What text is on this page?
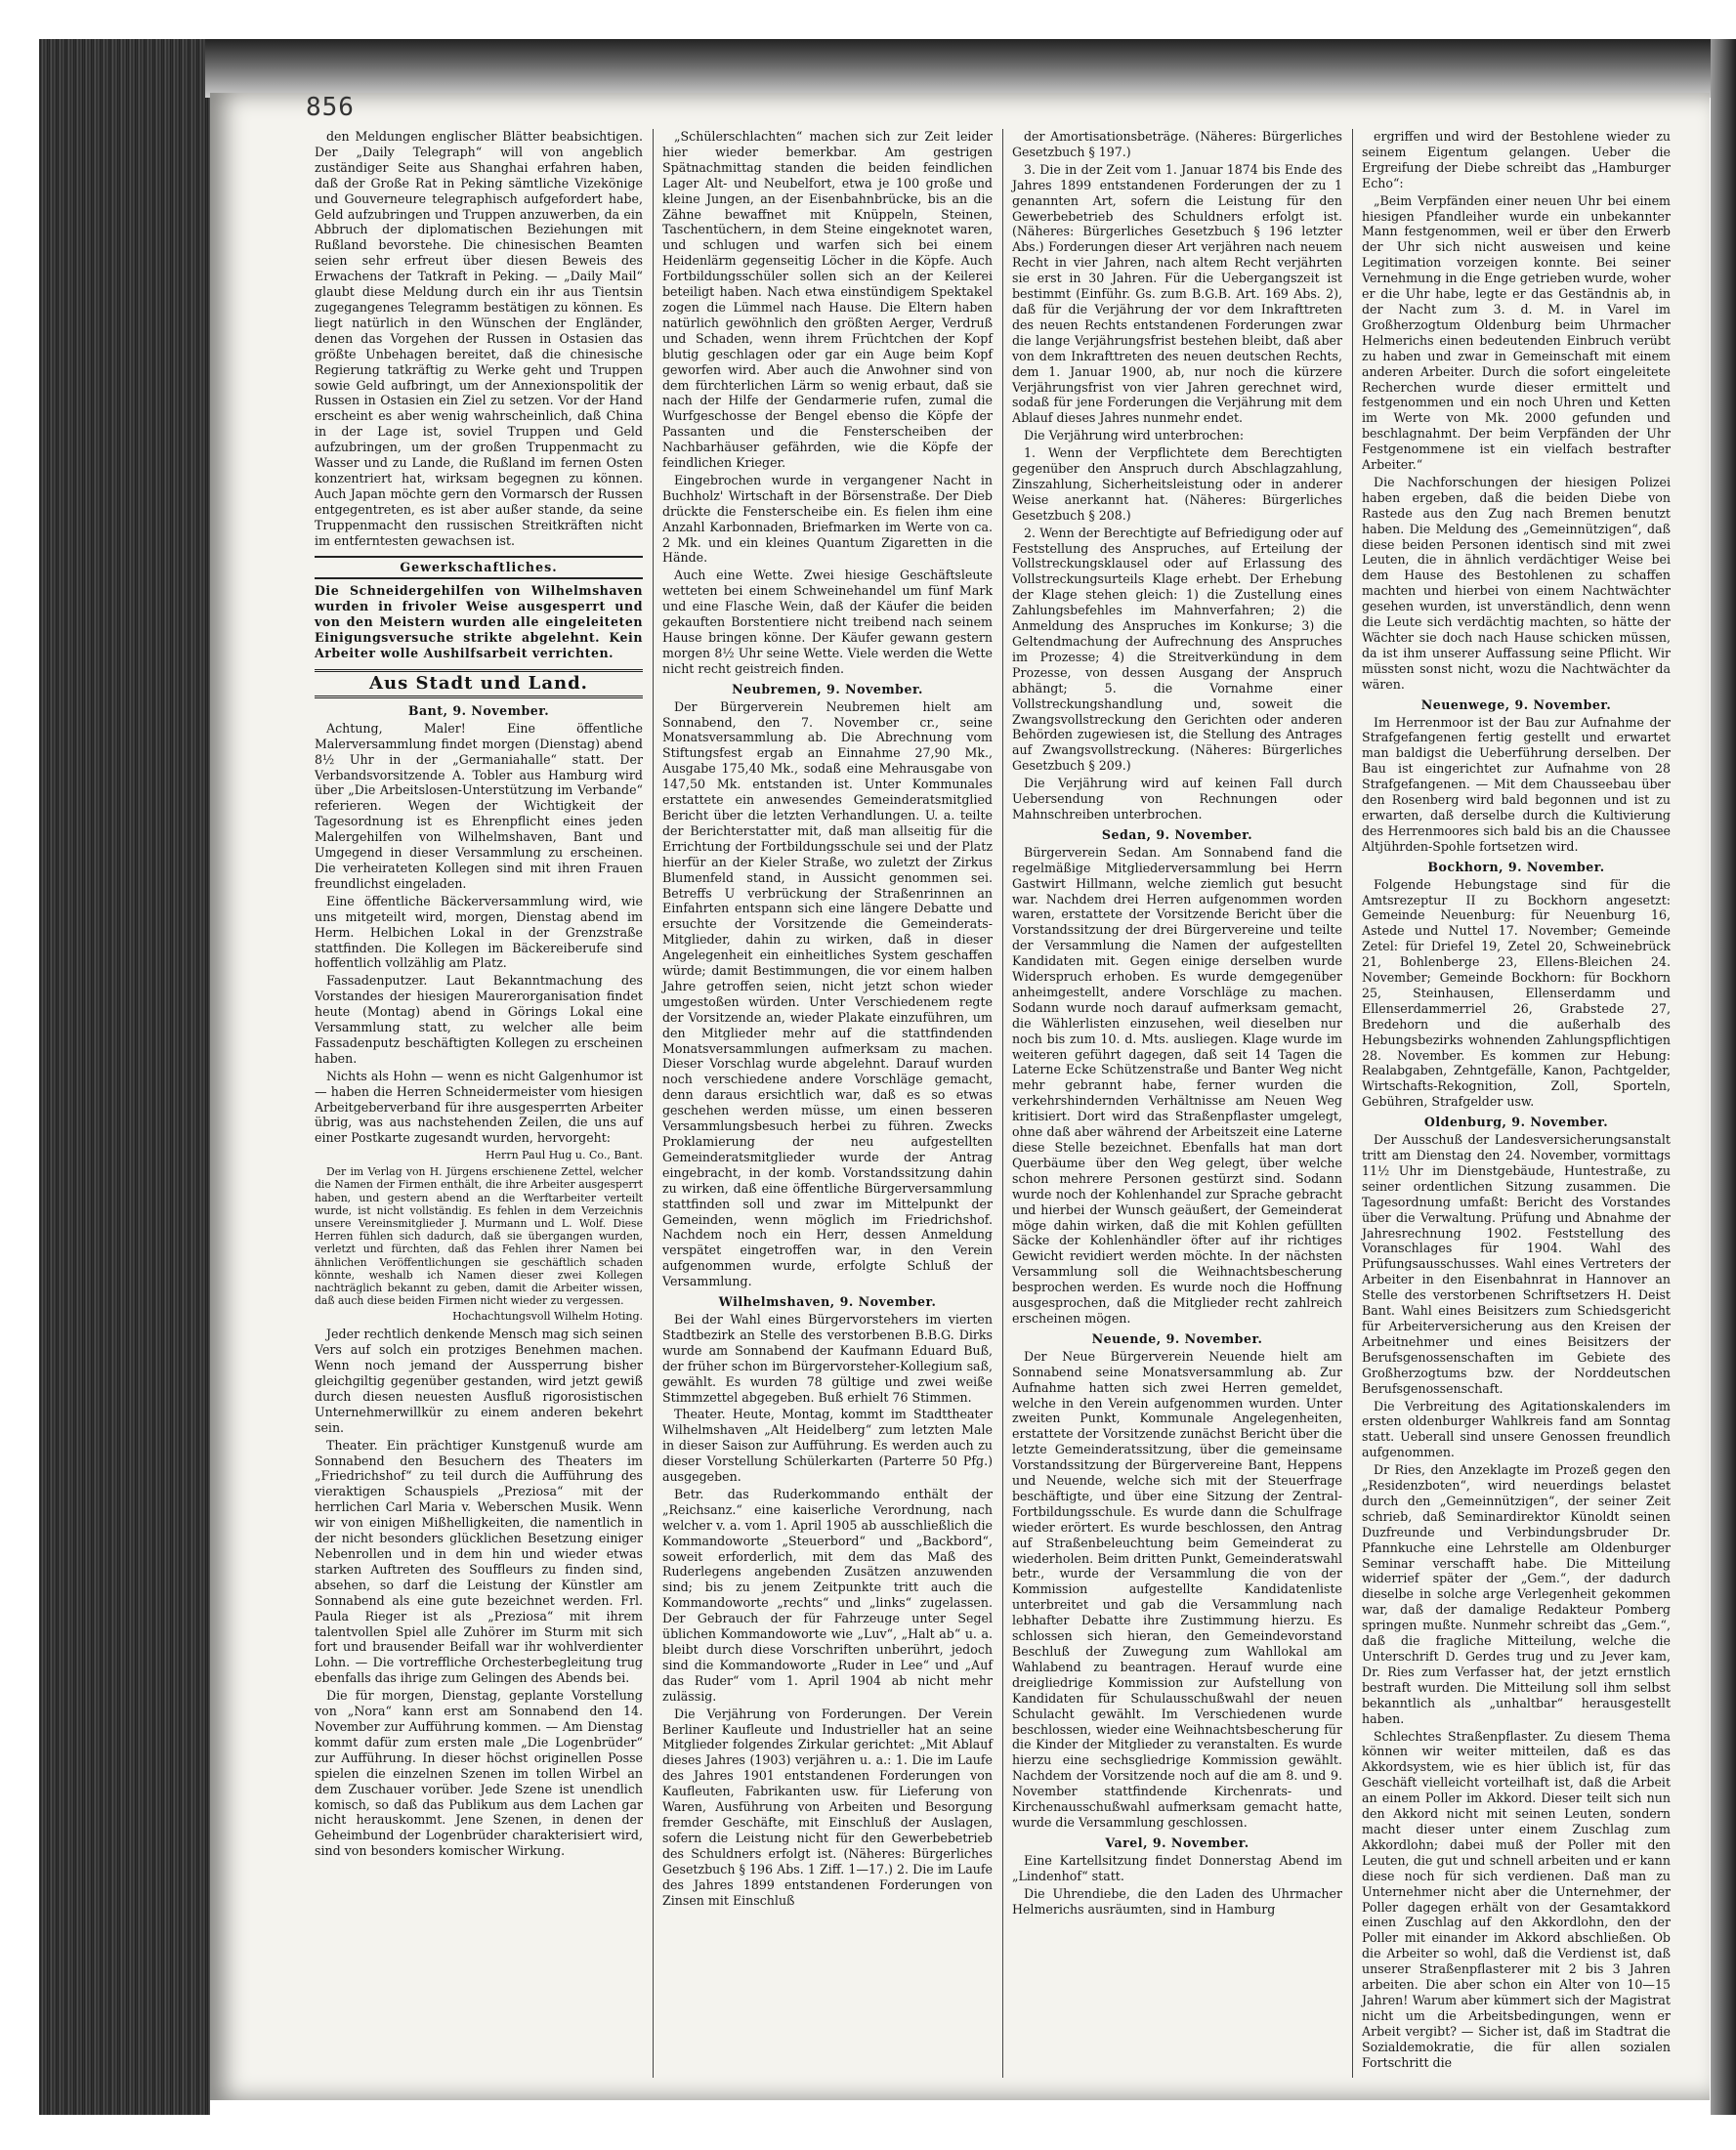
856

den Meldungen englischer Blätter beabsichtigen. Der „Daily Telegraph“ will von angeblich zuständiger Seite aus Shanghai erfahren haben, daß der Große Rat in Peking sämtliche Vizekönige und Gouverneure telegraphisch aufgefordert habe, Geld aufzubringen und Truppen anzuwerben, da ein Abbruch der diplomatischen Beziehungen mit Rußland bevorstehe. Die chinesischen Beamten seien sehr erfreut über diesen Beweis des Erwachens der Tatkraft in Peking. — „Daily Mail“ glaubt diese Meldung durch ein ihr aus Tientsin zugegangenes Telegramm bestätigen zu können. Es liegt natürlich in den Wünschen der Engländer, denen das Vorgehen der Russen in Ostasien das größte Unbehagen bereitet, daß die chinesische Regierung tatkräftig zu Werke geht und Truppen sowie Geld aufbringt, um der Annexionspolitik der Russen in Ostasien ein Ziel zu setzen. Vor der Hand erscheint es aber wenig wahrscheinlich, daß China in der Lage ist, soviel Truppen und Geld aufzubringen, um der großen Truppenmacht zu Wasser und zu Lande, die Rußland im fernen Osten konzentriert hat, wirksam begegnen zu können. Auch Japan möchte gern den Vormarsch der Russen entgegentreten, es ist aber außer stande, da seine Truppenmacht den russischen Streitkräften nicht im entferntesten gewachsen ist.

Gewerkschaftliches.
Die Schneidergehilfen von Wilhelmshaven wurden in frivoler Weise ausgesperrt und von den Meistern wurden alle eingeleiteten Einigungsversuche strikte abgelehnt. Kein Arbeiter wolle Aushilfsarbeit verrichten.
Aus Stadt und Land.
Bant, 9. November.

Achtung, Maler! Eine öffentliche Malerversammlung findet morgen (Dienstag) abend 8½ Uhr in der „Germaniahalle“ statt. Der Verbandsvorsitzende A. Tobler aus Hamburg wird über „Die Arbeitslosen-Unterstützung im Verbande“ referieren. Wegen der Wichtigkeit der Tagesordnung ist es Ehrenpflicht eines jeden Malergehilfen von Wilhelmshaven, Bant und Umgegend in dieser Versammlung zu erscheinen. Die verheirateten Kollegen sind mit ihren Frauen freundlichst eingeladen.

Eine öffentliche Bäckerversammlung wird, wie uns mitgeteilt wird, morgen, Dienstag abend im Herm. Helbichen Lokal in der Grenzstraße stattfinden. Die Kollegen im Bäckereiberufe sind hoffentlich vollzählig am Platz.

Fassadenputzer. Laut Bekanntmachung des Vorstandes der hiesigen Maurerorganisation findet heute (Montag) abend in Görings Lokal eine Versammlung statt, zu welcher alle beim Fassadenputz beschäftigten Kollegen zu erscheinen haben.

Nichts als Hohn — wenn es nicht Galgenhumor ist — haben die Herren Schneidermeister vom hiesigen Arbeitgeberverband für ihre ausgesperrten Arbeiter übrig, was aus nachstehenden Zeilen, die uns auf einer Postkarte zugesandt wurden, hervorgeht:

Herrn Paul Hug u. Co., Bant.

Der im Verlag von H. Jürgens erschienene Zettel, welcher die Namen der Firmen enthält, die ihre Arbeiter ausgesperrt haben, und gestern abend an die Werftarbeiter verteilt wurde, ist nicht vollständig. Es fehlen in dem Verzeichnis unsere Vereinsmitglieder J. Murmann und L. Wolf. Diese Herren fühlen sich dadurch, daß sie übergangen wurden, verletzt und fürchten, daß das Fehlen ihrer Namen bei ähnlichen Veröffentlichungen sie geschäftlich schaden könnte, weshalb ich Namen dieser zwei Kollegen nachträglich bekannt zu geben, damit die Arbeiter wissen, daß auch diese beiden Firmen nicht wieder zu vergessen.

Hochachtungsvoll Wilhelm Hoting.

Jeder rechtlich denkende Mensch mag sich seinen Vers auf solch ein protziges Benehmen machen. Wenn noch jemand der Aussperrung bisher gleichgiltig gegenüber gestanden, wird jetzt gewiß durch diesen neuesten Ausfluß rigorosistischen Unternehmerwillkür zu einem anderen bekehrt sein.

Theater. Ein prächtiger Kunstgenuß wurde am Sonnabend den Besuchern des Theaters im „Friedrichshof“ zu teil durch die Aufführung des vieraktigen Schauspiels „Preziosa“ mit der herrlichen Carl Maria v. Weberschen Musik. Wenn wir von einigen Mißhelligkeiten, die namentlich in der nicht besonders glücklichen Besetzung einiger Nebenrollen und in dem hin und wieder etwas starken Auftreten des Souffleurs zu finden sind, absehen, so darf die Leistung der Künstler am Sonnabend als eine gute bezeichnet werden. Frl. Paula Rieger ist als „Preziosa“ mit ihrem talentvollen Spiel alle Zuhörer im Sturm mit sich fort und brausender Beifall war ihr wohlverdienter Lohn. — Die vortreffliche Orchesterbegleitung trug ebenfalls das ihrige zum Gelingen des Abends bei.

Die für morgen, Dienstag, geplante Vorstellung von „Nora“ kann erst am Sonnabend den 14. November zur Aufführung kommen. — Am Dienstag kommt dafür zum ersten male „Die Logenbrüder“ zur Aufführung. In dieser höchst originellen Posse spielen die einzelnen Szenen im tollen Wirbel an dem Zuschauer vorüber. Jede Szene ist unendlich komisch, so daß das Publikum aus dem Lachen gar nicht herauskommt. Jene Szenen, in denen der Geheimbund der Logenbrüder charakterisiert wird, sind von besonders komischer Wirkung.

„Schülerschlachten“ machen sich zur Zeit leider hier wieder bemerkbar. Am gestrigen Spätnachmittag standen die beiden feindlichen Lager Alt- und Neubelfort, etwa je 100 große und kleine Jungen, an der Eisenbahnbrücke, bis an die Zähne bewaffnet mit Knüppeln, Steinen, Taschentüchern, in dem Steine eingeknotet waren, und schlugen und warfen sich bei einem Heidenlärm gegenseitig Löcher in die Köpfe. Auch Fortbildungsschüler sollen sich an der Keilerei beteiligt haben. Nach etwa einstündigem Spektakel zogen die Lümmel nach Hause. Die Eltern haben natürlich gewöhnlich den größten Aerger, Verdruß und Schaden, wenn ihrem Früchtchen der Kopf blutig geschlagen oder gar ein Auge beim Kopf geworfen wird. Aber auch die Anwohner sind von dem fürchterlichen Lärm so wenig erbaut, daß sie nach der Hilfe der Gendarmerie rufen, zumal die Wurfgeschosse der Bengel ebenso die Köpfe der Passanten und die Fensterscheiben der Nachbarhäuser gefährden, wie die Köpfe der feindlichen Krieger.

Eingebrochen wurde in vergangener Nacht in Buchholz' Wirtschaft in der Börsenstraße. Der Dieb drückte die Fensterscheibe ein. Es fielen ihm eine Anzahl Karbonnaden, Briefmarken im Werte von ca. 2 Mk. und ein kleines Quantum Zigaretten in die Hände.

Auch eine Wette. Zwei hiesige Geschäftsleute wetteten bei einem Schweinehandel um fünf Mark und eine Flasche Wein, daß der Käufer die beiden gekauften Borstentiere nicht treibend nach seinem Hause bringen könne. Der Käufer gewann gestern morgen 8½ Uhr seine Wette. Viele werden die Wette nicht recht geistreich finden.

Neubremen, 9. November.

Der Bürgerverein Neubremen hielt am Sonnabend, den 7. November cr., seine Monatsversammlung ab. Die Abrechnung vom Stiftungsfest ergab an Einnahme 27,90 Mk., Ausgabe 175,40 Mk., sodaß eine Mehrausgabe von 147,50 Mk. entstanden ist. Unter Kommunales erstattete ein anwesendes Gemeinderatsmitglied Bericht über die letzten Verhandlungen. U. a. teilte der Berichterstatter mit, daß man allseitig für die Errichtung der Fortbildungsschule sei und der Platz hierfür an der Kieler Straße, wo zuletzt der Zirkus Blumenfeld stand, in Aussicht genommen sei. Betreffs U verbrückung der Straßenrinnen an Einfahrten entspann sich eine längere Debatte und ersuchte der Vorsitzende die Gemeinderats-Mitglieder, dahin zu wirken, daß in dieser Angelegenheit ein einheitliches System geschaffen würde; damit Bestimmungen, die vor einem halben Jahre getroffen seien, nicht jetzt schon wieder umgestoßen würden. Unter Verschiedenem regte der Vorsitzende an, wieder Plakate einzuführen, um den Mitglieder mehr auf die stattfindenden Monatsversammlungen aufmerksam zu machen. Dieser Vorschlag wurde abgelehnt. Darauf wurden noch verschiedene andere Vorschläge gemacht, denn daraus ersichtlich war, daß es so etwas geschehen werden müsse, um einen besseren Versammlungsbesuch herbei zu führen. Zwecks Proklamierung der neu aufgestellten Gemeinderatsmitglieder wurde der Antrag eingebracht, in der komb. Vorstandssitzung dahin zu wirken, daß eine öffentliche Bürgerversammlung stattfinden soll und zwar im Mittelpunkt der Gemeinden, wenn möglich im Friedrichshof. Nachdem noch ein Herr, dessen Anmeldung verspätet eingetroffen war, in den Verein aufgenommen wurde, erfolgte Schluß der Versammlung.

Wilhelmshaven, 9. November.

Bei der Wahl eines Bürgervorstehers im vierten Stadtbezirk an Stelle des verstorbenen B.B.G. Dirks wurde am Sonnabend der Kaufmann Eduard Buß, der früher schon im Bürgervorsteher-Kollegium saß, gewählt. Es wurden 78 gültige und zwei weiße Stimmzettel abgegeben. Buß erhielt 76 Stimmen.

Theater. Heute, Montag, kommt im Stadttheater Wilhelmshaven „Alt Heidelberg“ zum letzten Male in dieser Saison zur Aufführung. Es werden auch zu dieser Vorstellung Schülerkarten (Parterre 50 Pfg.) ausgegeben.

Betr. das Ruderkommando enthält der „Reichsanz.“ eine kaiserliche Verordnung, nach welcher v. a. vom 1. April 1905 ab ausschließlich die Kommandoworte „Steuerbord“ und „Backbord“, soweit erforderlich, mit dem das Maß des Ruderlegens angebenden Zusätzen anzuwenden sind; bis zu jenem Zeitpunkte tritt auch die Kommandoworte „rechts“ und „links“ zugelassen. Der Gebrauch der für Fahrzeuge unter Segel üblichen Kommandoworte wie „Luv“, „Halt ab“ u. a. bleibt durch diese Vorschriften unberührt, jedoch sind die Kommandoworte „Ruder in Lee“ und „Auf das Ruder“ vom 1. April 1904 ab nicht mehr zulässig.

Die Verjährung von Forderungen. Der Verein Berliner Kaufleute und Industrieller hat an seine Mitglieder folgendes Zirkular gerichtet: „Mit Ablauf dieses Jahres (1903) verjähren u. a.: 1. Die im Laufe des Jahres 1901 entstandenen Forderungen von Kaufleuten, Fabrikanten usw. für Lieferung von Waren, Ausführung von Arbeiten und Besorgung fremder Geschäfte, mit Einschluß der Auslagen, sofern die Leistung nicht für den Gewerbebetrieb des Schuldners erfolgt ist. (Näheres: Bürgerliches Gesetzbuch § 196 Abs. 1 Ziff. 1—17.) 2. Die im Laufe des Jahres 1899 entstandenen Forderungen von Zinsen mit Einschluß

der Amortisationsbeträge. (Näheres: Bürgerliches Gesetzbuch § 197.)

3. Die in der Zeit vom 1. Januar 1874 bis Ende des Jahres 1899 entstandenen Forderungen der zu 1 genannten Art, sofern die Leistung für den Gewerbebetrieb des Schuldners erfolgt ist. (Näheres: Bürgerliches Gesetzbuch § 196 letzter Abs.) Forderungen dieser Art verjähren nach neuem Recht in vier Jahren, nach altem Recht verjährten sie erst in 30 Jahren. Für die Uebergangszeit ist bestimmt (Einführ. Gs. zum B.G.B. Art. 169 Abs. 2), daß für die Verjährung der vor dem Inkrafttreten des neuen Rechts entstandenen Forderungen zwar die lange Verjährungsfrist bestehen bleibt, daß aber von dem Inkrafttreten des neuen deutschen Rechts, dem 1. Januar 1900, ab, nur noch die kürzere Verjährungsfrist von vier Jahren gerechnet wird, sodaß für jene Forderungen die Verjährung mit dem Ablauf dieses Jahres nunmehr endet.

Die Verjährung wird unterbrochen:

1. Wenn der Verpflichtete dem Berechtigten gegenüber den Anspruch durch Abschlagzahlung, Zinszahlung, Sicherheitsleistung oder in anderer Weise anerkannt hat. (Näheres: Bürgerliches Gesetzbuch § 208.)

2. Wenn der Berechtigte auf Befriedigung oder auf Feststellung des Anspruches, auf Erteilung der Vollstreckungsklausel oder auf Erlassung des Vollstreckungsurteils Klage erhebt. Der Erhebung der Klage stehen gleich: 1) die Zustellung eines Zahlungsbefehles im Mahnverfahren; 2) die Anmeldung des Anspruches im Konkurse; 3) die Geltendmachung der Aufrechnung des Anspruches im Prozesse; 4) die Streitverkündung in dem Prozesse, von dessen Ausgang der Anspruch abhängt; 5. die Vornahme einer Vollstreckungshandlung und, soweit die Zwangsvollstreckung den Gerichten oder anderen Behörden zugewiesen ist, die Stellung des Antrages auf Zwangsvollstreckung. (Näheres: Bürgerliches Gesetzbuch § 209.)

Die Verjährung wird auf keinen Fall durch Uebersendung von Rechnungen oder Mahnschreiben unterbrochen.

Sedan, 9. November.

Bürgerverein Sedan. Am Sonnabend fand die regelmäßige Mitgliederversammlung bei Herrn Gastwirt Hillmann, welche ziemlich gut besucht war. Nachdem drei Herren aufgenommen worden waren, erstattete der Vorsitzende Bericht über die Vorstandssitzung der drei Bürgervereine und teilte der Versammlung die Namen der aufgestellten Kandidaten mit. Gegen einige derselben wurde Widerspruch erhoben. Es wurde demgegenüber anheimgestellt, andere Vorschläge zu machen. Sodann wurde noch darauf aufmerksam gemacht, die Wählerlisten einzusehen, weil dieselben nur noch bis zum 10. d. Mts. ausliegen. Klage wurde im weiteren geführt dagegen, daß seit 14 Tagen die Laterne Ecke Schützenstraße und Banter Weg nicht mehr gebrannt habe, ferner wurden die verkehrshindernden Verhältnisse am Neuen Weg kritisiert. Dort wird das Straßenpflaster umgelegt, ohne daß aber während der Arbeitszeit eine Laterne diese Stelle bezeichnet. Ebenfalls hat man dort Querbäume über den Weg gelegt, über welche schon mehrere Personen gestürzt sind. Sodann wurde noch der Kohlenhandel zur Sprache gebracht und hierbei der Wunsch geäußert, der Gemeinderat möge dahin wirken, daß die mit Kohlen gefüllten Säcke der Kohlenhändler öfter auf ihr richtiges Gewicht revidiert werden möchte. In der nächsten Versammlung soll die Weihnachtsbescherung besprochen werden. Es wurde noch die Hoffnung ausgesprochen, daß die Mitglieder recht zahlreich erscheinen mögen.

Neuende, 9. November.

Der Neue Bürgerverein Neuende hielt am Sonnabend seine Monatsversammlung ab. Zur Aufnahme hatten sich zwei Herren gemeldet, welche in den Verein aufgenommen wurden. Unter zweiten Punkt, Kommunale Angelegenheiten, erstattete der Vorsitzende zunächst Bericht über die letzte Gemeinderatssitzung, über die gemeinsame Vorstandssitzung der Bürgervereine Bant, Heppens und Neuende, welche sich mit der Steuerfrage beschäftigte, und über eine Sitzung der Zentral-Fortbildungsschule. Es wurde dann die Schulfrage wieder erörtert. Es wurde beschlossen, den Antrag auf Straßenbeleuchtung beim Gemeinderat zu wiederholen. Beim dritten Punkt, Gemeinderatswahl betr., wurde der Versammlung die von der Kommission aufgestellte Kandidatenliste unterbreitet und gab die Versammlung nach lebhafter Debatte ihre Zustimmung hierzu. Es schlossen sich hieran, den Gemeindevorstand Beschluß der Zuwegung zum Wahllokal am Wahlabend zu beantragen. Herauf wurde eine dreigliedrige Kommission zur Aufstellung von Kandidaten für Schulausschußwahl der neuen Schulacht gewählt. Im Verschiedenen wurde beschlossen, wieder eine Weihnachtsbescherung für die Kinder der Mitglieder zu veranstalten. Es wurde hierzu eine sechsgliedrige Kommission gewählt. Nachdem der Vorsitzende noch auf die am 8. und 9. November stattfindende Kirchenrats- und Kirchenausschußwahl aufmerksam gemacht hatte, wurde die Versammlung geschlossen.

Varel, 9. November.

Eine Kartellsitzung findet Donnerstag Abend im „Lindenhof“ statt.

Die Uhrendiebe, die den Laden des Uhrmacher Helmerichs ausräumten, sind in Hamburg

ergriffen und wird der Bestohlene wieder zu seinem Eigentum gelangen. Ueber die Ergreifung der Diebe schreibt das „Hamburger Echo“:

„Beim Verpfänden einer neuen Uhr bei einem hiesigen Pfandleiher wurde ein unbekannter Mann festgenommen, weil er über den Erwerb der Uhr sich nicht ausweisen und keine Legitimation vorzeigen konnte. Bei seiner Vernehmung in die Enge getrieben wurde, woher er die Uhr habe, legte er das Geständnis ab, in der Nacht zum 3. d. M. in Varel im Großherzogtum Oldenburg beim Uhrmacher Helmerichs einen bedeutenden Einbruch verübt zu haben und zwar in Gemeinschaft mit einem anderen Arbeiter. Durch die sofort eingeleitete Recherchen wurde dieser ermittelt und festgenommen und ein noch Uhren und Ketten im Werte von Mk. 2000 gefunden und beschlagnahmt. Der beim Verpfänden der Uhr Festgenommene ist ein vielfach bestrafter Arbeiter.“

Die Nachforschungen der hiesigen Polizei haben ergeben, daß die beiden Diebe von Rastede aus den Zug nach Bremen benutzt haben. Die Meldung des „Gemeinnützigen“, daß diese beiden Personen identisch sind mit zwei Leuten, die in ähnlich verdächtiger Weise bei dem Hause des Bestohlenen zu schaffen machten und hierbei von einem Nachtwächter gesehen wurden, ist unverständlich, denn wenn die Leute sich verdächtig machten, so hätte der Wächter sie doch nach Hause schicken müssen, da ist ihm unserer Auffassung seine Pflicht. Wir müssten sonst nicht, wozu die Nachtwächter da wären.

Neuenwege, 9. November.

Im Herrenmoor ist der Bau zur Aufnahme der Strafgefangenen fertig gestellt und erwartet man baldigst die Ueberführung derselben. Der Bau ist eingerichtet zur Aufnahme von 28 Strafgefangenen. — Mit dem Chausseebau über den Rosenberg wird bald begonnen und ist zu erwarten, daß derselbe durch die Kultivierung des Herrenmoores sich bald bis an die Chaussee Altjührden-Spohle fortsetzen wird.

Bockhorn, 9. November.

Folgende Hebungstage sind für die Amtsrezeptur II zu Bockhorn angesetzt: Gemeinde Neuenburg: für Neuenburg 16, Astede und Nuttel 17. November; Gemeinde Zetel: für Driefel 19, Zetel 20, Schweinebrück 21, Bohlenberge 23, Ellens-Bleichen 24. November; Gemeinde Bockhorn: für Bockhorn 25, Steinhausen, Ellenserdamm und Ellenserdammerriel 26, Grabstede 27, Bredehorn und die außerhalb des Hebungsbezirks wohnenden Zahlungspflichtigen 28. November. Es kommen zur Hebung: Realabgaben, Zehntgefälle, Kanon, Pachtgelder, Wirtschafts-Rekognition, Zoll, Sporteln, Gebühren, Strafgelder usw.

Oldenburg, 9. November.

Der Ausschuß der Landesversicherungsanstalt tritt am Dienstag den 24. November, vormittags 11½ Uhr im Dienstgebäude, Huntestraße, zu seiner ordentlichen Sitzung zusammen. Die Tagesordnung umfaßt: Bericht des Vorstandes über die Verwaltung. Prüfung und Abnahme der Jahresrechnung 1902. Feststellung des Voranschlages für 1904. Wahl des Prüfungsausschusses. Wahl eines Vertreters der Arbeiter in den Eisenbahnrat in Hannover an Stelle des verstorbenen Schriftsetzers H. Deist Bant. Wahl eines Beisitzers zum Schiedsgericht für Arbeiterversicherung aus den Kreisen der Arbeitnehmer und eines Beisitzers der Berufsgenossenschaften im Gebiete des Großherzogtums bzw. der Norddeutschen Berufsgenossenschaft.

Die Verbreitung des Agitationskalenders im ersten oldenburger Wahlkreis fand am Sonntag statt. Ueberall sind unsere Genossen freundlich aufgenommen.

Dr Ries, den Anzeklagte im Prozeß gegen den „Residenzboten“, wird neuerdings belastet durch den „Gemeinnützigen“, der seiner Zeit schrieb, daß Seminardirektor Künoldt seinen Duzfreunde und Verbindungsbruder Dr. Pfannkuche eine Lehrstelle am Oldenburger Seminar verschafft habe. Die Mitteilung widerrief später der „Gem.“, der dadurch dieselbe in solche arge Verlegenheit gekommen war, daß der damalige Redakteur Pomberg springen mußte. Nunmehr schreibt das „Gem.“, daß die fragliche Mitteilung, welche die Unterschrift D. Gerdes trug und zu Jever kam, Dr. Ries zum Verfasser hat, der jetzt ernstlich bestraft wurden. Die Mitteilung soll ihm selbst bekanntlich als „unhaltbar“ herausgestellt haben.

Schlechtes Straßenpflaster. Zu diesem Thema können wir weiter mitteilen, daß es das Akkordsystem, wie es hier üblich ist, für das Geschäft vielleicht vorteilhaft ist, daß die Arbeit an einem Poller im Akkord. Dieser teilt sich nun den Akkord nicht mit seinen Leuten, sondern macht dieser unter einem Zuschlag zum Akkordlohn; dabei muß der Poller mit den Leuten, die gut und schnell arbeiten und er kann diese noch für sich verdienen. Daß man zu Unternehmer nicht aber die Unternehmer, der Poller dagegen erhält von der Gesamtakkord einen Zuschlag auf den Akkordlohn, den der Poller mit einander im Akkord abschließen. Ob die Arbeiter so wohl, daß die Verdienst ist, daß unserer Straßenpflasterer mit 2 bis 3 Jahren arbeiten. Die aber schon ein Alter von 10—15 Jahren! Warum aber kümmert sich der Magistrat nicht um die Arbeitsbedingungen, wenn er Arbeit vergibt? — Sicher ist, daß im Stadtrat die Sozialdemokratie, die für allen sozialen Fortschritt die
